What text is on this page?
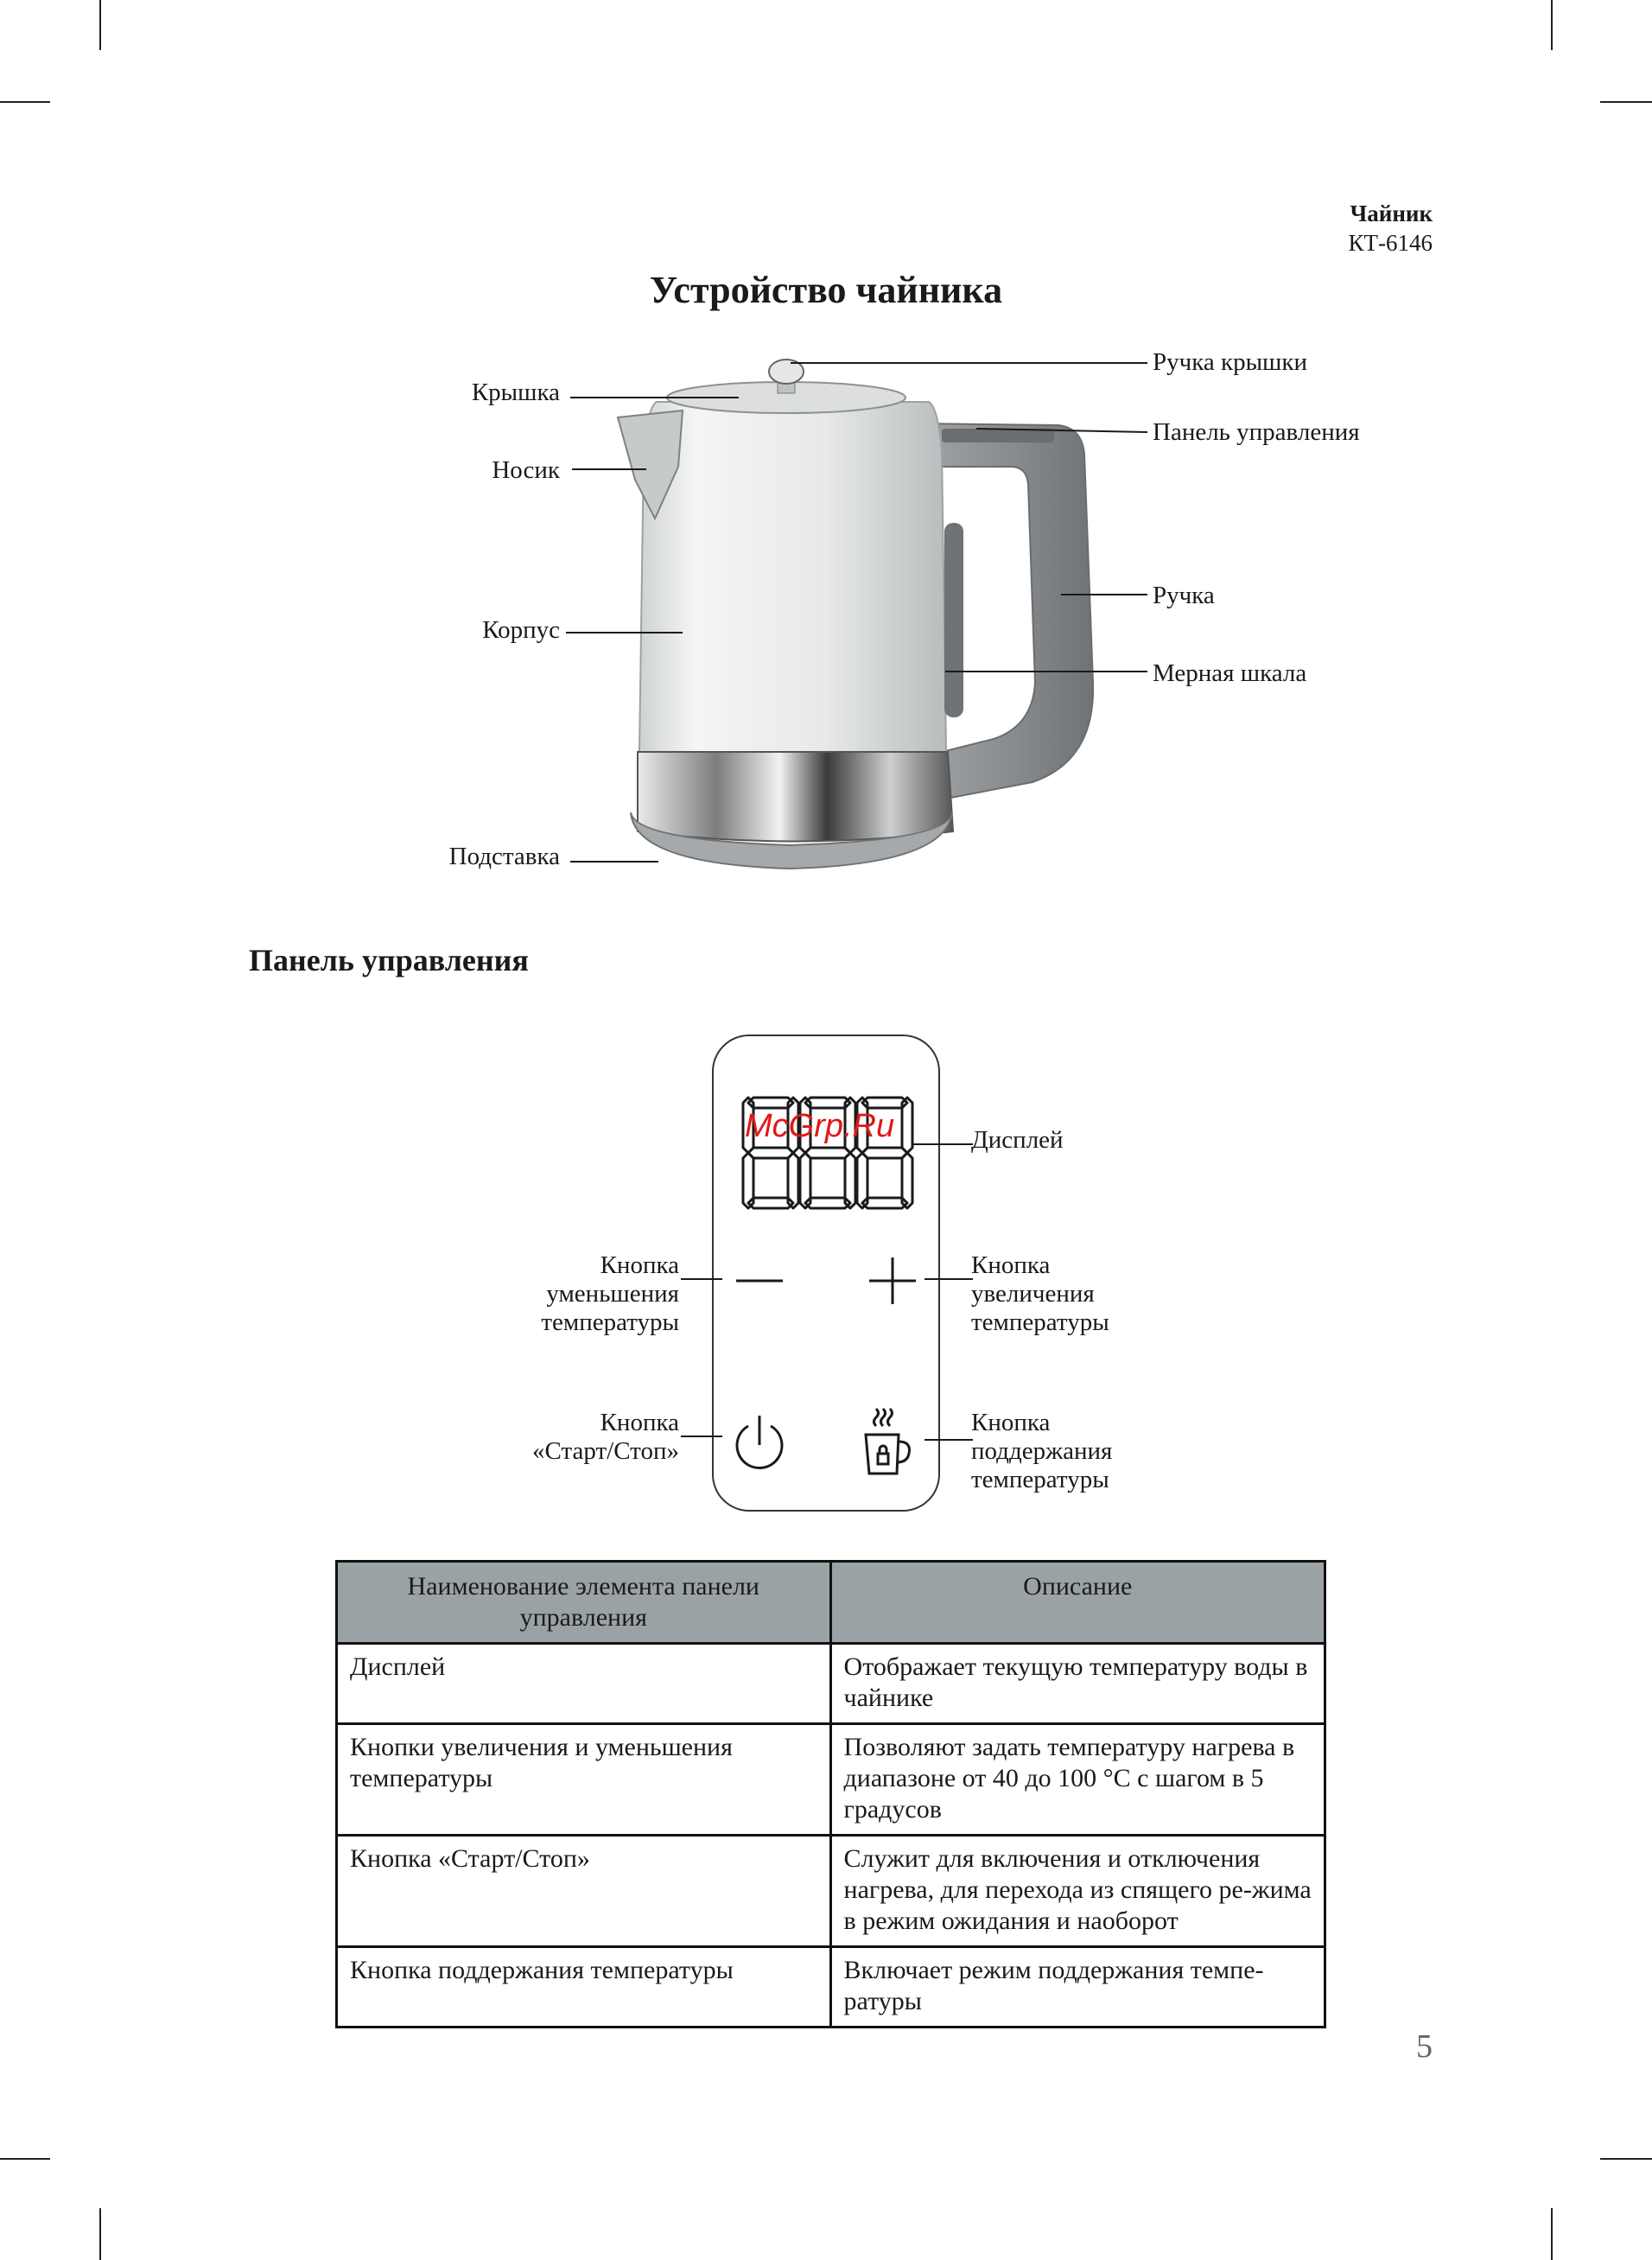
Чайник
КТ-6146
Устройство чайника
Крышка
Носик
Корпус
Подставка
Ручка крышки
Панель управления
Ручка
Мерная шкала
Панель управления
McGrp.Ru	Дисплей
Кнопка
уменьшения
температуры
Кнопка
увеличения
температуры
Кнопка
«Старт/Стоп»
Кнопка
поддержания
температуры
Наименование элемента панели управления	Описание
Дисплей	Отображает текущую температуру воды в чайнике
Кнопки увеличения и уменьшения температуры	Позволяют задать температуру нагрева в диапазоне от 40 до 100 °С с шагом в 5 градусов
Кнопка «Старт/Стоп»	Служит для включения и отключения нагрева, для перехода из спящего ре-жима в режим ожидания и наоборот
Кнопка поддержания температуры	Включает режим поддержания темпе-ратуры
5
